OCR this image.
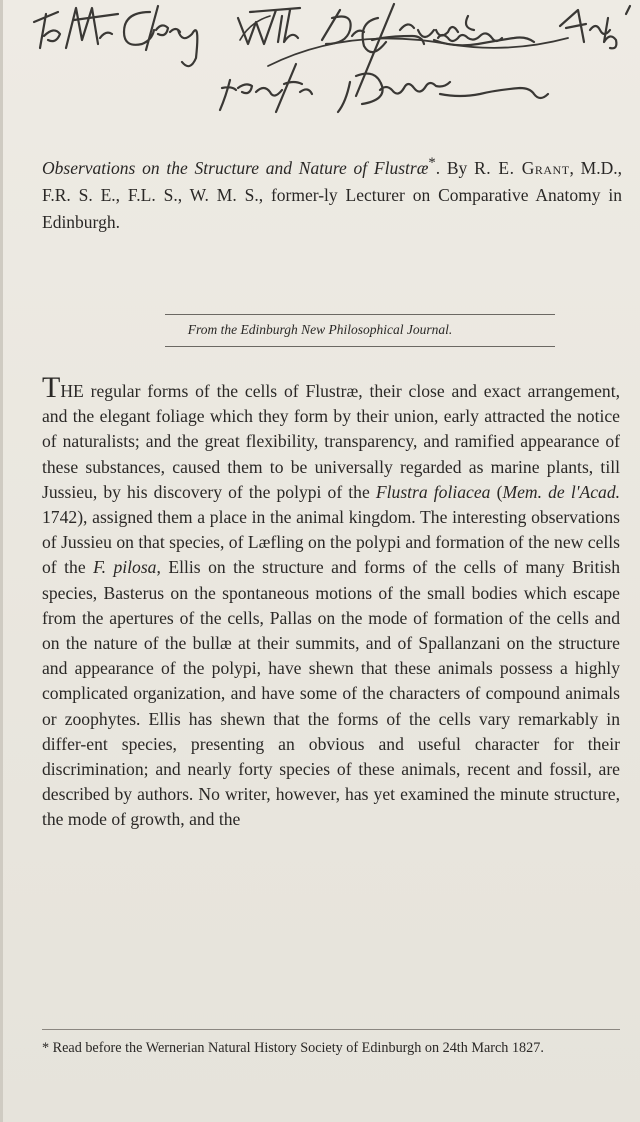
Observations on the Structure and Nature of Flustræ*. By R. E. Grant, M.D., F.R. S. E., F.L. S., W. M. S., former-ly Lecturer on Comparative Anatomy in Edinburgh.
From the Edinburgh New Philosophical Journal.
THE regular forms of the cells of Flustræ, their close and exact arrangement, and the elegant foliage which they form by their union, early attracted the notice of naturalists; and the great flexibility, transparency, and ramified appearance of these substances, caused them to be universally regarded as marine plants, till Jussieu, by his discovery of the polypi of the Flustra foliacea (Mem. de l'Acad. 1742), assigned them a place in the animal kingdom. The interesting observations of Jussieu on that species, of Læfling on the polypi and formation of the new cells of the F. pilosa, Ellis on the structure and forms of the cells of many British species, Basterus on the spontaneous motions of the small bodies which escape from the apertures of the cells, Pallas on the mode of formation of the cells and on the nature of the bullæ at their summits, and of Spallanzani on the structure and appearance of the polypi, have shewn that these animals possess a highly complicated organization, and have some of the characters of compound animals or zoophytes. Ellis has shewn that the forms of the cells vary remarkably in differ-ent species, presenting an obvious and useful character for their discrimination; and nearly forty species of these animals, recent and fossil, are described by authors. No writer, however, has yet examined the minute structure, the mode of growth, and the
* Read before the Wernerian Natural History Society of Edinburgh on 24th March 1827.
